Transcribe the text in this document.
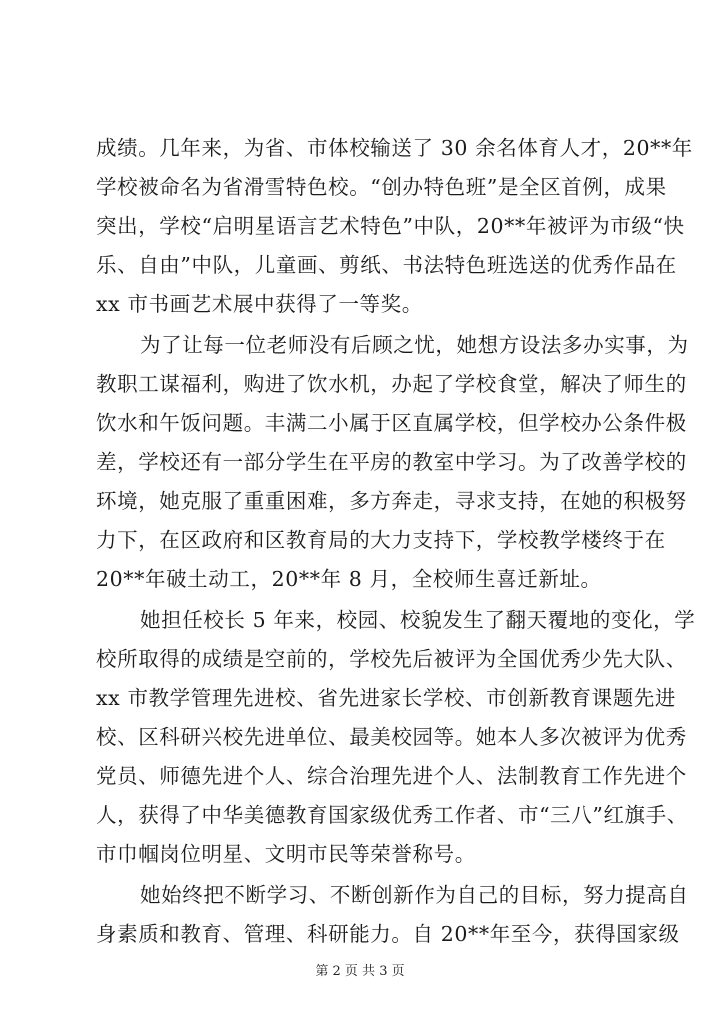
成绩。几年来，为省、市体校输送了 30 余名体育人才，20**年
学校被命名为省滑雪特色校。“创办特色班”是全区首例，成果
突出，学校“启明星语言艺术特色”中队，20**年被评为市级“快
乐、自由”中队，儿童画、剪纸、书法特色班选送的优秀作品在
xx 市书画艺术展中获得了一等奖。
为了让每一位老师没有后顾之忧，她想方设法多办实事，为
教职工谋福利，购进了饮水机，办起了学校食堂，解决了师生的
饮水和午饭问题。丰满二小属于区直属学校，但学校办公条件极
差，学校还有一部分学生在平房的教室中学习。为了改善学校的
环境，她克服了重重困难，多方奔走，寻求支持，在她的积极努
力下，在区政府和区教育局的大力支持下，学校教学楼终于在
20**年破土动工，20**年 8 月，全校师生喜迁新址。
她担任校长 5 年来，校园、校貌发生了翻天覆地的变化，学
校所取得的成绩是空前的，学校先后被评为全国优秀少先大队、
xx 市教学管理先进校、省先进家长学校、市创新教育课题先进
校、区科研兴校先进单位、最美校园等。她本人多次被评为优秀
党员、师德先进个人、综合治理先进个人、法制教育工作先进个
人，获得了中华美德教育国家级优秀工作者、市“三八”红旗手、
市巾帼岗位明星、文明市民等荣誉称号。
她始终把不断学习、不断创新作为自己的目标，努力提高自
身素质和教育、管理、科研能力。自 20**年至今，获得国家级
第 2 页 共 3 页
